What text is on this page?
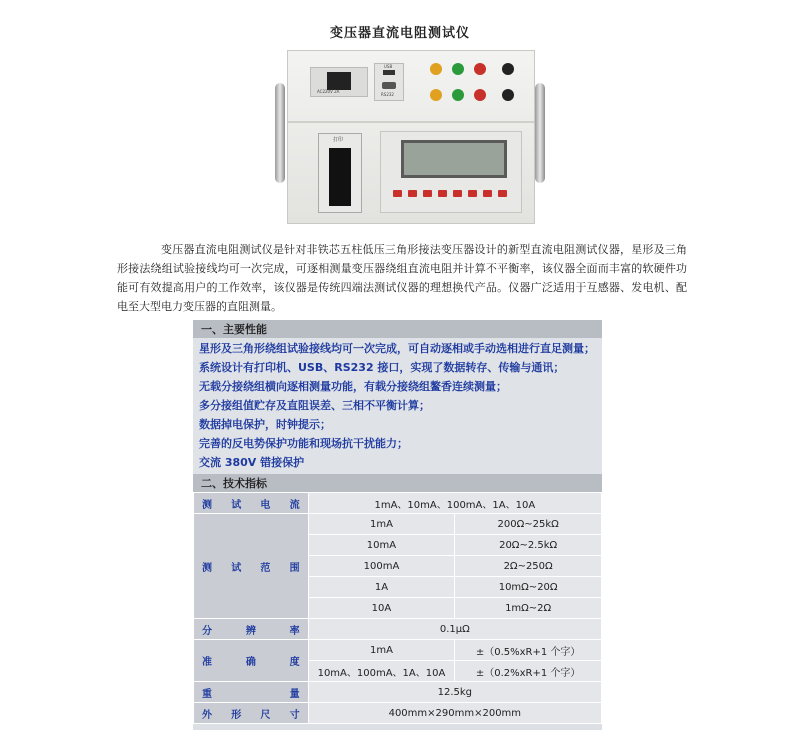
变压器直流电阻测试仪
AC220V 2A
USB
RS232
打印

变压器直流电阻测试仪是针对非铁芯五柱低压三角形接法变压器设计的新型直流电阻测试仪器，星形及三角形接法绕组试验接线均可一次完成，可逐相测量变压器绕组直流电阻并计算不平衡率，该仪器全面而丰富的软硬件功能可有效提高用户的工作效率，该仪器是传统四端法测试仪器的理想换代产品。仪器广泛适用于互感器、发电机、配电至大型电力变压器的直阻测量。

一、主要性能

星形及三角形绕组试验接线均可一次完成，可自动逐相或手动选相进行直足测量；
系统设计有打印机、USB、RS232 接口，实现了数据转存、传输与通讯；
无载分接绕组横向逐相测量功能，有载分接绕组鳌香连续测量；
多分接组值贮存及直阻误差、三相不平衡计算；
数据掉电保护，时钟提示；
完善的反电势保护功能和现场抗干扰能力；
交流 380V 错接保护

二、技术指标
测试电流	1mA、10mA、100mA、1A、10A	
测试范围	1mA	200Ω~25kΩ
	10mA	20Ω~2.5kΩ
	100mA	2Ω~250Ω
	1A	10mΩ~20Ω
	10A	1mΩ~2Ω
分辨率	0.1μΩ	
准确度	1mA	±（0.5%xR+1 个字）
	10mA、100mA、1A、10A	±（0.2%xR+1 个字）
重量	12.5kg	
外形尺寸	400mm×290mm×200mm	
